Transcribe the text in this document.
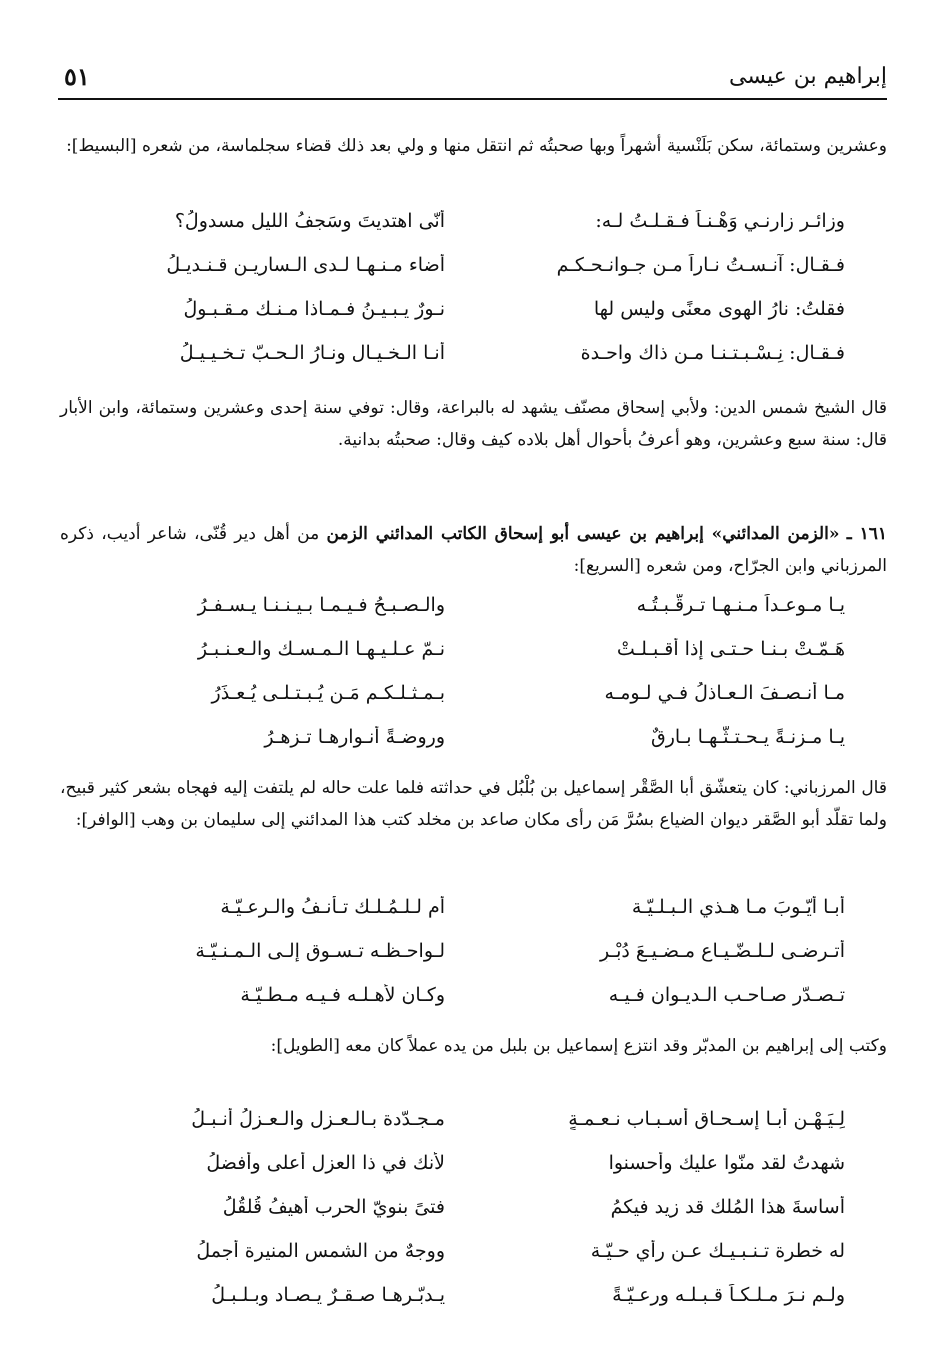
إبراهيم بن عيسى
٥١

وعشرين وستمائة، سكن بَلَنْسية أشهراً وبها صحبتُه ثم انتقل منها و ولي بعد ذلك قضاء سجلماسة، من شعره [البسيط]:

وزائـر زارنـي وَهْـنـاً فـقـلـتُ لـه:
أنّى اهتديتَ وسَجفُ الليل مسدولُ؟
فـقـال: آنـسـتُ نـاراً مـن جـوانـحـكـم
أضاء مـنـهـا لـدى الـساريـن قـنـديـلُ
فقلتُ: نارُ الهوى معنًى وليس لها
نـورٌ يـبـيـنُ فـمـاذا مـنـك مـقـبـولُ
فـقـال: نِـسْـبـتـنـا مـن ذاك واحـدة
أنـا الـخـيـال ونـارُ الـحـبّ تـخـيـيـلُ

قال الشيخ شمس الدين: ولأبي إسحاق مصنّف يشهد له بالبراعة، وقال: توفي سنة إحدى وعشرين وستمائة، وابن الأبار قال: سنة سبع وعشرين، وهو أعرفُ بأحوال أهل بلاده كيف وقال: صحبتُه بدانية.

١٦١ ـ «الزمن المدائني» إبراهيم بن عيسى أبو إسحاق الكاتب المدائني الزمن من أهل دير قُنّى، شاعر أديب، ذكره المرزباني وابن الجرّاح، ومن شعره [السريع]:

يـا مـوعـداً مـنـهـا تـرقّـبـتُـه
والـصـبـحُ فـيـمـا بـيـنـنـا يـسـفـرُ
هَـمّـتْ بـنـا حـتـى إذا أقـبـلـتْ
نـمّ عـلـيـهـا الـمـسـك والـعـنـبـرُ
مـا أنـصـفَ الـعـاذلُ فـي لـومـه
بـمـثـلـكـم مَـن يُـبـتـلـى يُـعـذَرُ
يـا مـزنـةً يـحـتـثُّـهـا بـارقٌ
وروضـةً أنـوارهـا تـزهـرُ

قال المرزباني: كان يتعشّق أبا الصَّقْر إسماعيل بن بُلْبُل في حداثته فلما علت حاله لم يلتفت إليه فهجاه بشعر كثير قبيح، ولما تقلّد أبو الصَّقر ديوان الضياع بسُرَّ مَن رأى مكان صاعد بن مخلد كتب هذا المدائني إلى سليمان بن وهب [الوافر]:

أبـا أيّـوبَ مـا هـذي الـبـلـيّـة
أم لـلـمُـلـك تـأنـفُ والـرعـيّـة
أتـرضـى لـلـضّـيـاع مـضـيـعَ دُبْـرٍ
لـواحـظـه تـسـوق إلـى الـمـنـيّـة
تـصـدّر صـاحـب الـديـوان فـيـه
وكـان لأهـلـه فـيـه مـطـيّـة

وكتب إلى إبراهيم بن المدبّر وقد انتزع إسماعيل بن بلبل من يده عملاً كان معه [الطويل]:

لِـيَـهْـنِ أبـا إسـحـاق أسـبـاب نـعـمـةٍ
مـجـدّدة بـالـعـزل والـعـزلُ أنـبـلُ
شهدتُ لقد منّوا عليك وأحسنوا
لأنك في ذا العزل أعلى وأفضلُ
أساسةَ هذا المُلك قد زيد فيكمُ
فتىً بنويّ الحرب أهيفُ قُلقُلُ
له خطرة تـنـبـيـك عـن رأي حـيّـة
ووجهٌ من الشمس المنيرة أجملُ
ولـم نـرَ مـلـكـاً قـبـلـه ورعـيّـةً
يـدبّـرهـا صـقـرٌ يـصـاد وبـلـبـلُ
